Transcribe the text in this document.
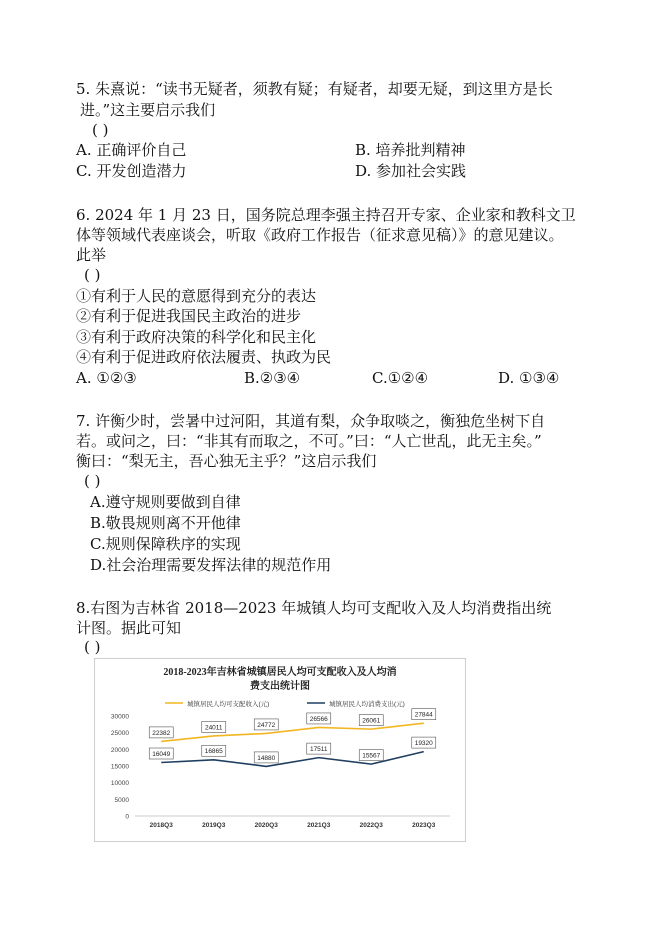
5. 朱熹说：“读书无疑者，须教有疑；有疑者，却要无疑，到这里方是长
进。”这主要启示我们
( )
A. 正确评价自己	B. 培养批判精神
C. 开发创造潜力	D. 参加社会实践
6. 2024 年 1 月 23 日，国务院总理李强主持召开专家、企业家和教科文卫
体等领域代表座谈会，听取《政府工作报告（征求意见稿）》的意见建议。
此举
( )
①有利于人民的意愿得到充分的表达
②有利于促进我国民主政治的进步
③有利于政府决策的科学化和民主化
④有利于促进政府依法履责、执政为民
A. ①②③	B.②③④	C.①②④	D. ①③④
7. 许衡少时，尝暑中过河阳，其道有梨，众争取啖之，衡独危坐树下自
若。或问之，曰：“非其有而取之，不可。”曰：“人亡世乱，此无主矣。”
衡曰：“梨无主，吾心独无主乎？”这启示我们
( )
A.遵守规则要做到自律
B.敬畏规则离不开他律
C.规则保障秩序的实现
D.社会治理需要发挥法律的规范作用
8.右图为吉林省 2018—2023 年城镇人均可支配收入及人均消费指出统
计图。据此可知
( )
2018-2023年吉林省城镇居民人均可支配收入及人均消
费支出统计图
城镇居民人均可支配收入(元)	城镇居民人均消费支出(元)
30000
25000
20000
15000
10000
5000
0
2018Q3	2019Q3	2020Q3	2021Q3	2022Q3	2023Q3
22382
24011	24772
26566	26061
27844
16049	16865
14880
17511
15567
19320
